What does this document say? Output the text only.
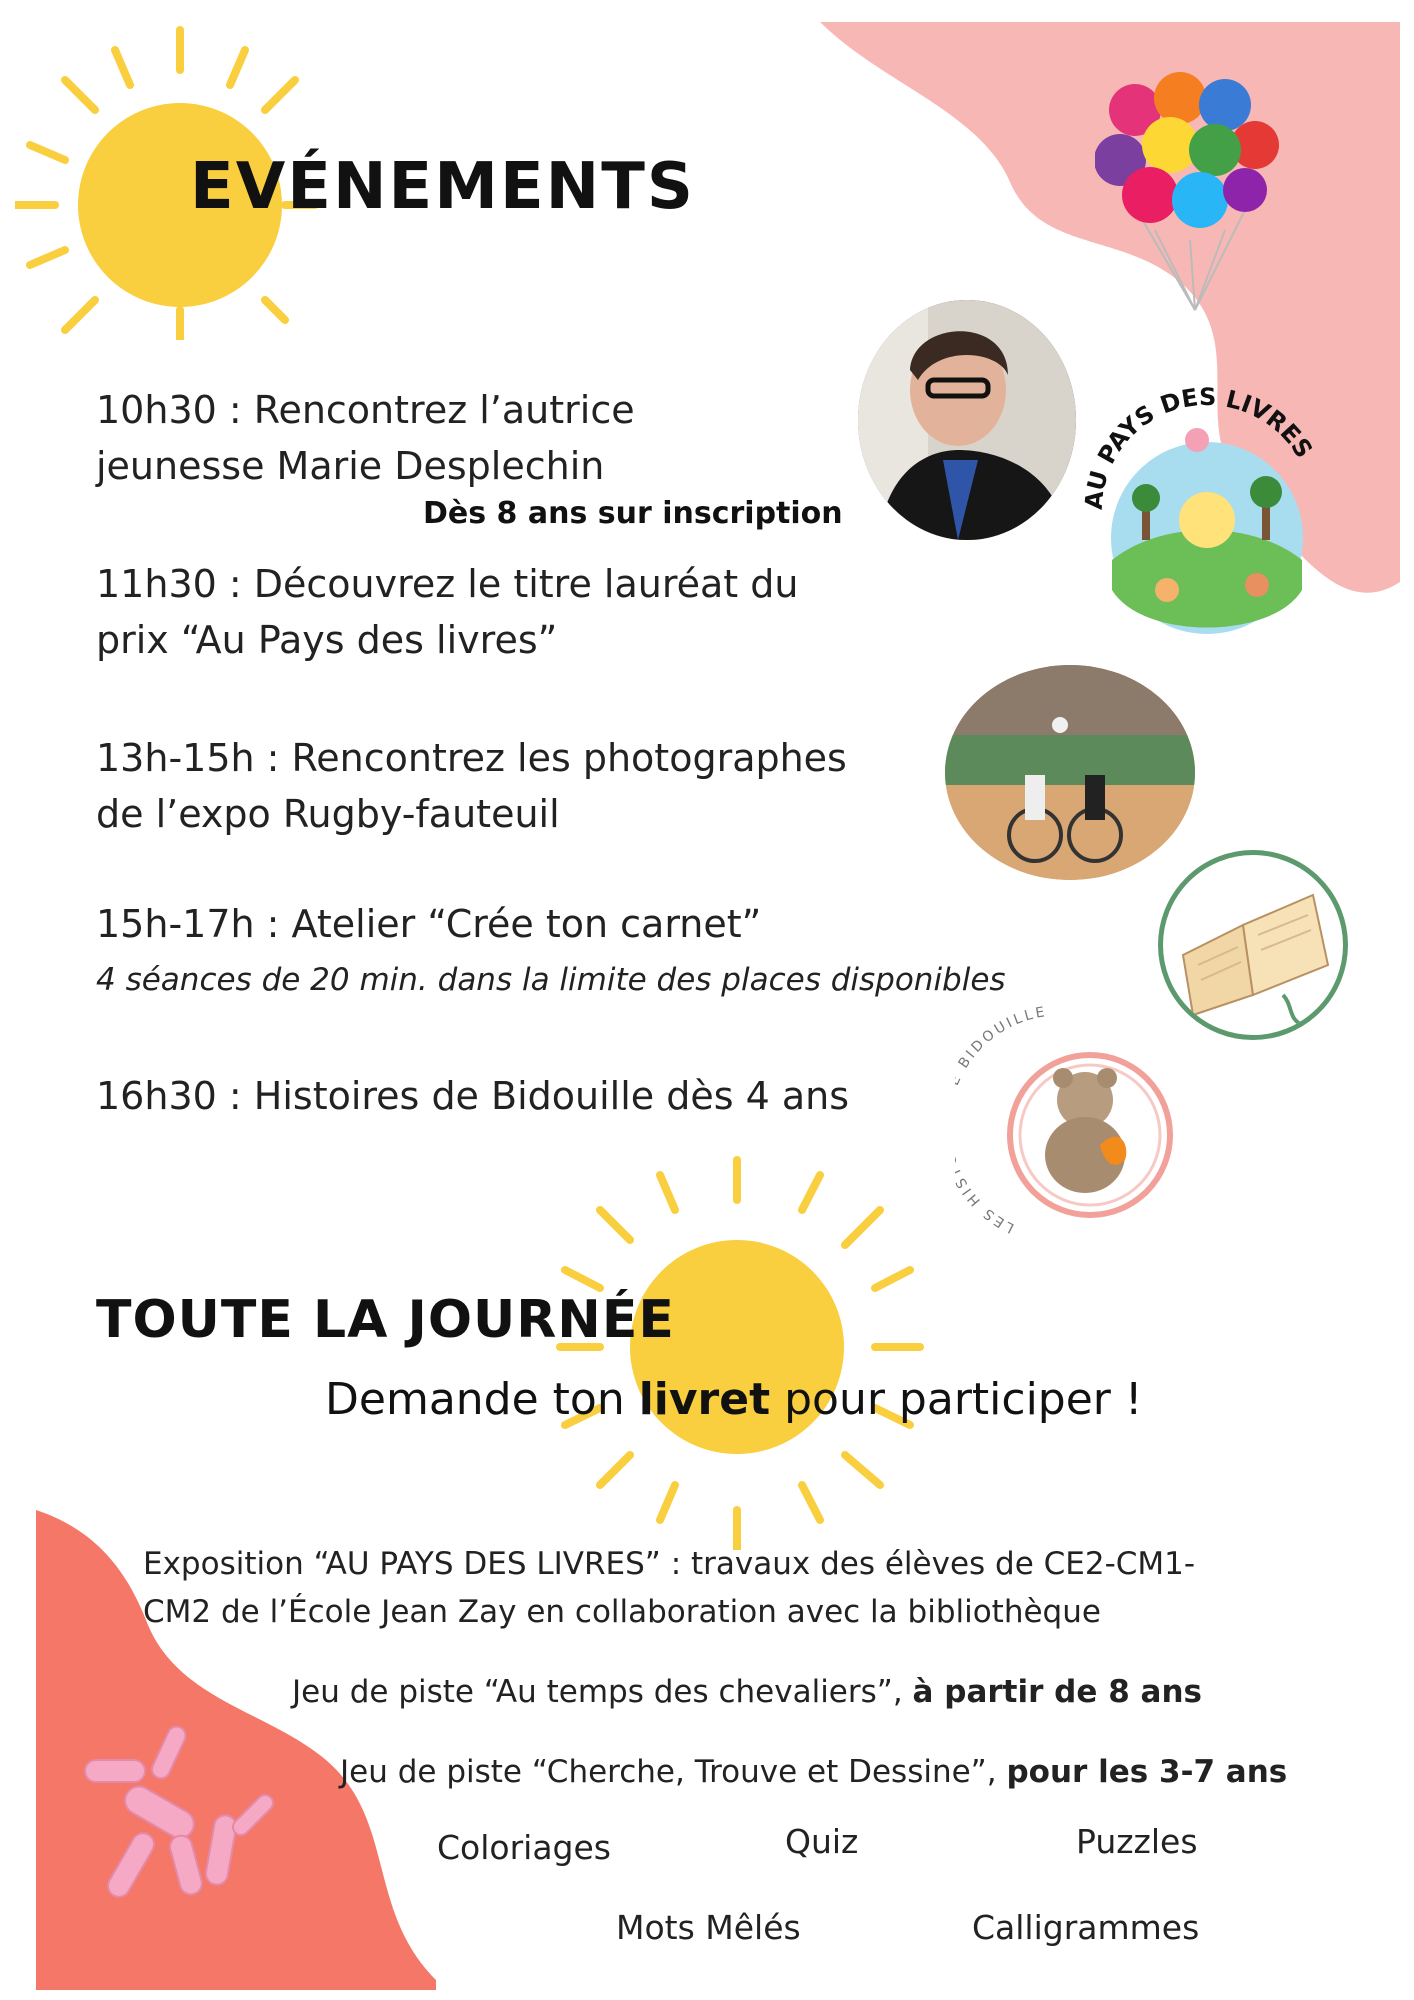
EVÉNEMENTS
AU PAYS DES LIVRES
10h30 : Rencontrez l’autrice
jeunesse Marie Desplechin
Dès 8 ans sur inscription
11h30 : Découvrez le titre lauréat du
prix “Au Pays des livres”
13h-15h : Rencontrez les photographes
de l’expo Rugby-fauteuil
15h-17h : Atelier “Crée ton carnet”
4 séances de 20 min. dans la limite des places disponibles
16h30 : Histoires de Bidouille dès 4 ans
LES HI BIDOUILLE
TOUTE LA JOURNÉE
Demande ton livret pour participer !
Exposition “AU PAYS DES LIVRES” : travaux des élèves de CE2-CM1-
CM2 de l’École Jean Zay en collaboration avec la bibliothèque
Jeu de piste “Au temps des chevaliers”, à partir de 8 ans
Jeu de piste “Cherche, Trouve et Dessine”, pour les 3-7 ans
Coloriages	Quiz	Puzzles
Mots Mêlés	Calligrammes
